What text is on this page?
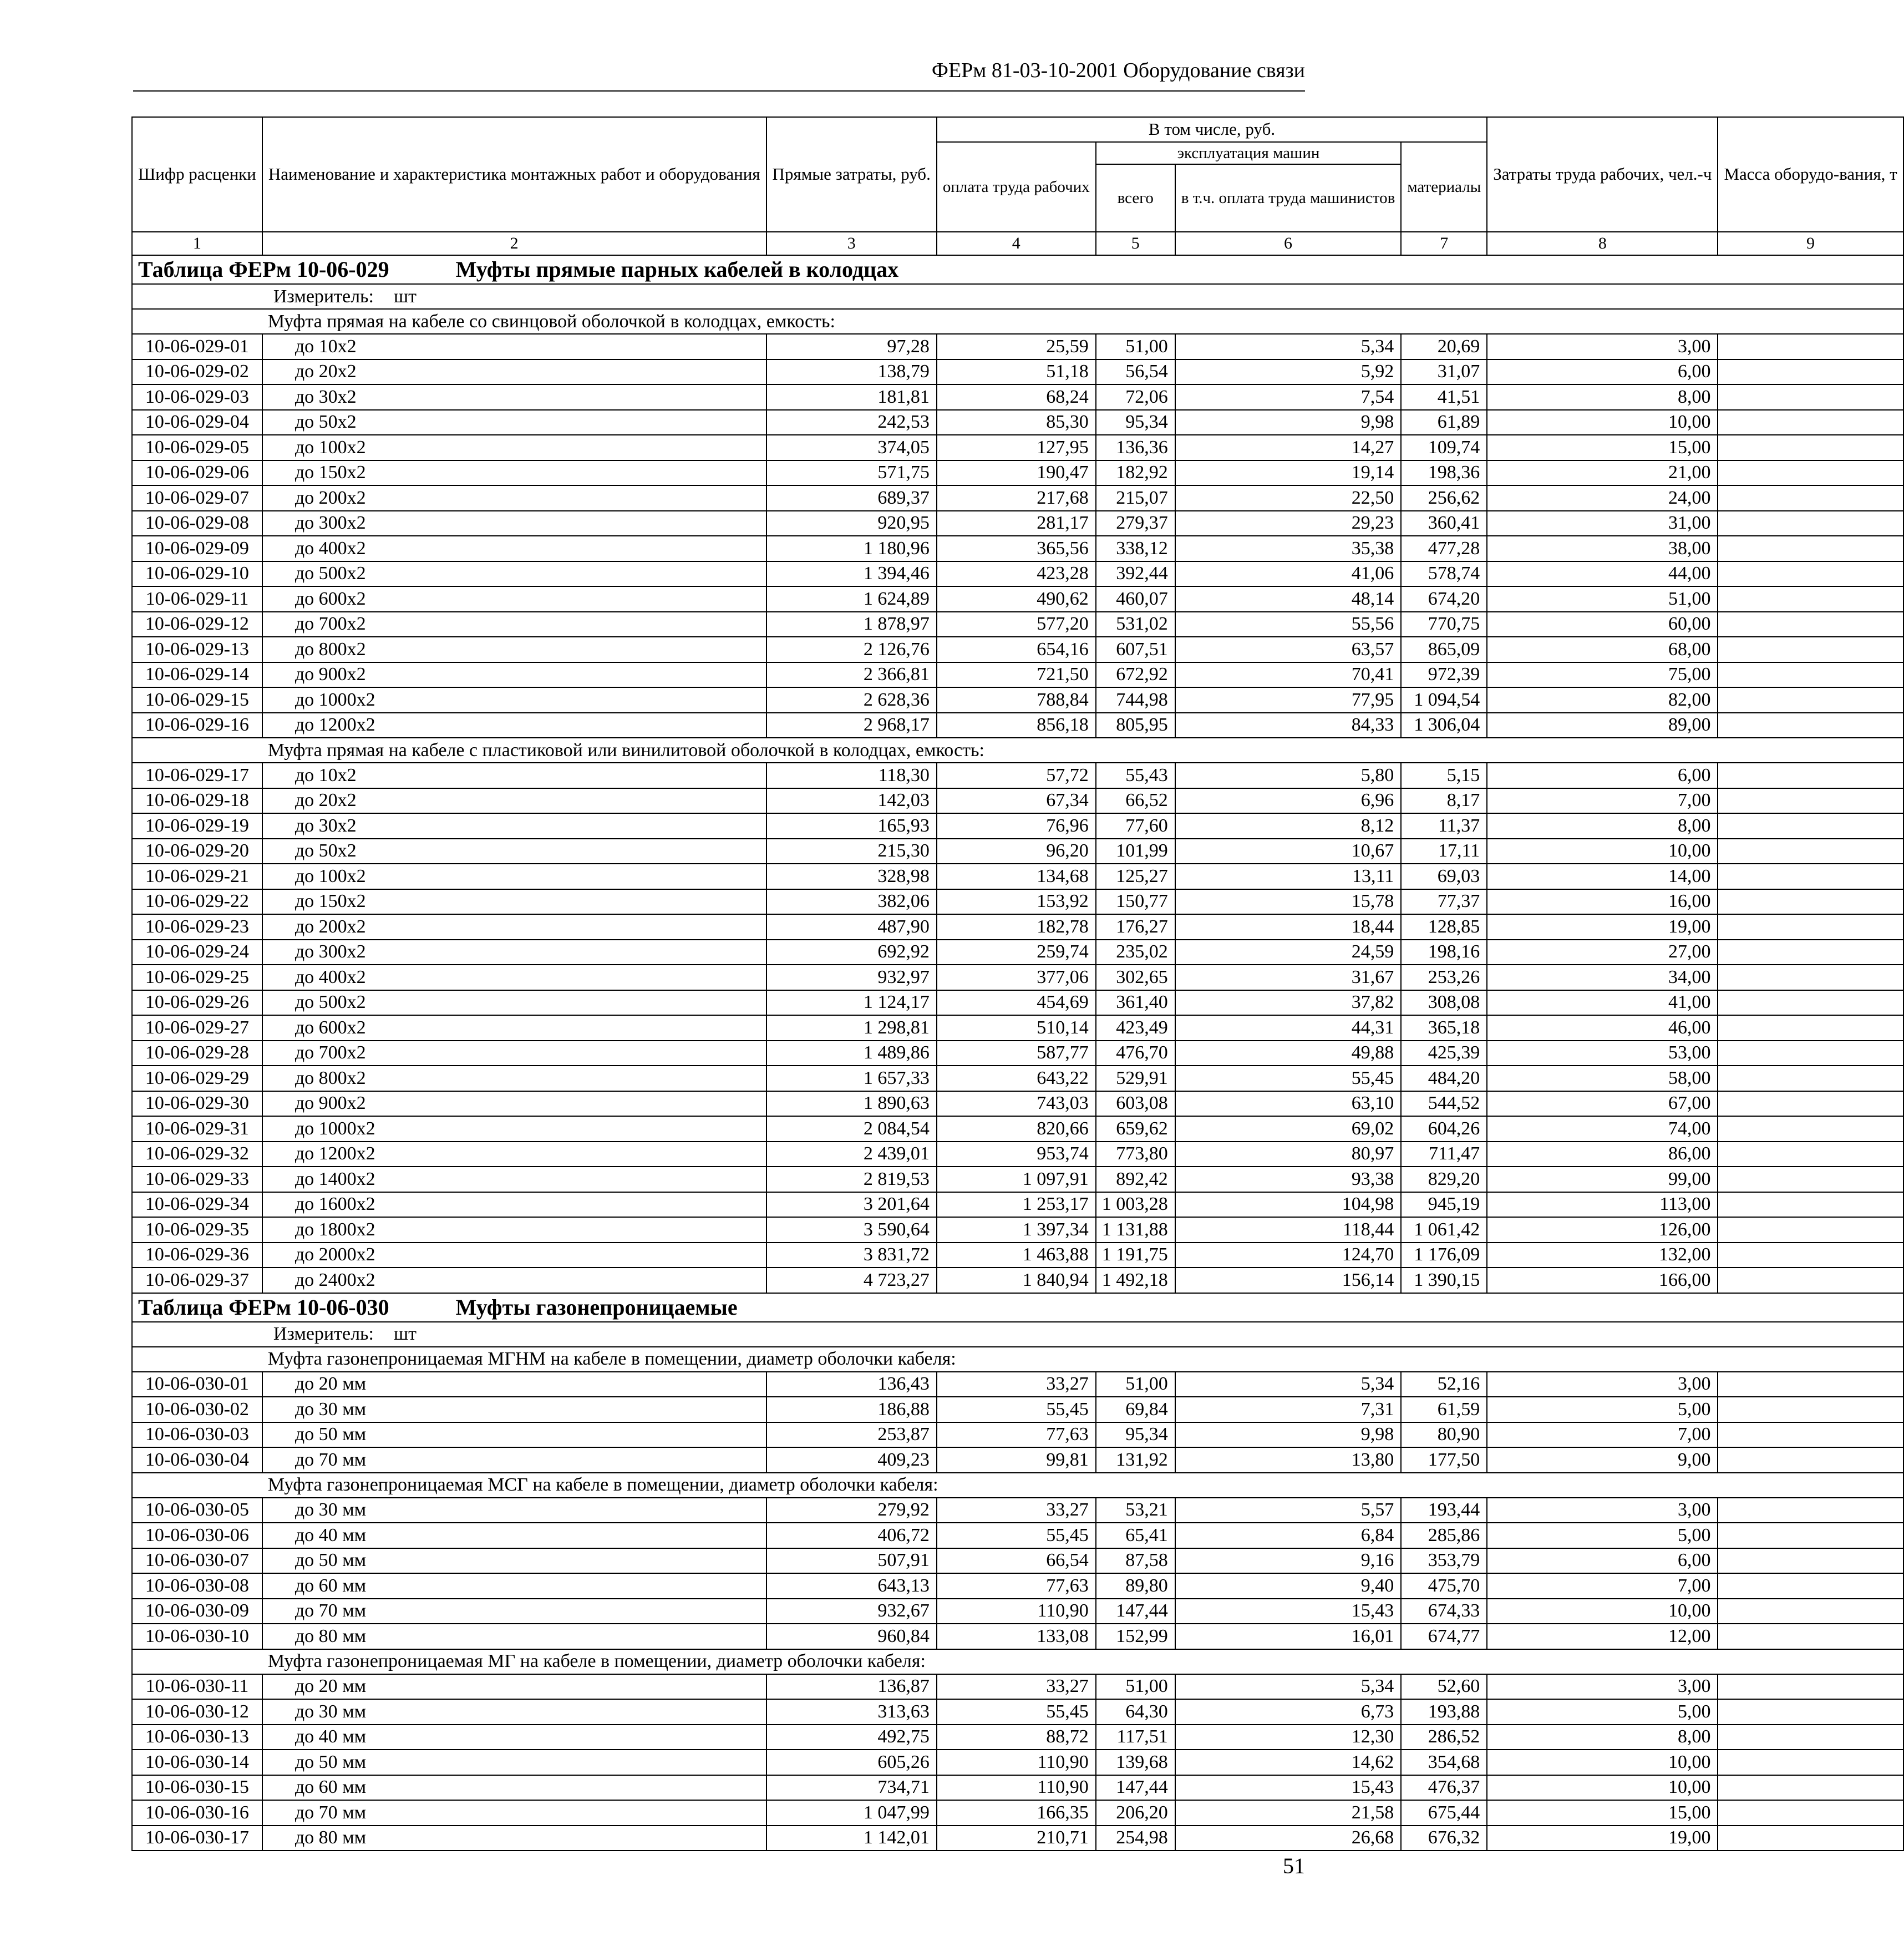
ФЕРм 81-03-10-2001 Оборудование связи
Шифр расценки	Наименование и характеристика монтажных работ и оборудования	Прямые затраты, руб.	В том числе, руб.				Затраты труда рабочих, чел.-ч	Масса оборудо-вания, т
			оплата труда рабочих	эксплуатация машин		материалы		
				всего	в т.ч. оплата труда машинистов			

1	2	3	4	5	6	7	8	9
Таблица ФЕРм 10-06-029 Муфты прямые парных кабелей в колодцах								
	Измеритель: шт							
	Муфта прямая на кабеле со свинцовой оболочкой в колодцах, емкость:							
10-06-029-01	до 10х2	97,28	25,59	51,00	5,34	20,69	3,00	
10-06-029-02	до 20х2	138,79	51,18	56,54	5,92	31,07	6,00	
10-06-029-03	до 30х2	181,81	68,24	72,06	7,54	41,51	8,00	
10-06-029-04	до 50х2	242,53	85,30	95,34	9,98	61,89	10,00	
10-06-029-05	до 100х2	374,05	127,95	136,36	14,27	109,74	15,00	
10-06-029-06	до 150х2	571,75	190,47	182,92	19,14	198,36	21,00	
10-06-029-07	до 200х2	689,37	217,68	215,07	22,50	256,62	24,00	
10-06-029-08	до 300х2	920,95	281,17	279,37	29,23	360,41	31,00	
10-06-029-09	до 400х2	1 180,96	365,56	338,12	35,38	477,28	38,00	
10-06-029-10	до 500х2	1 394,46	423,28	392,44	41,06	578,74	44,00	
10-06-029-11	до 600х2	1 624,89	490,62	460,07	48,14	674,20	51,00	
10-06-029-12	до 700х2	1 878,97	577,20	531,02	55,56	770,75	60,00	
10-06-029-13	до 800х2	2 126,76	654,16	607,51	63,57	865,09	68,00	
10-06-029-14	до 900х2	2 366,81	721,50	672,92	70,41	972,39	75,00	
10-06-029-15	до 1000х2	2 628,36	788,84	744,98	77,95	1 094,54	82,00	
10-06-029-16	до 1200х2	2 968,17	856,18	805,95	84,33	1 306,04	89,00	
	Муфта прямая на кабеле с пластиковой или винилитовой оболочкой в колодцах, емкость:							
10-06-029-17	до 10х2	118,30	57,72	55,43	5,80	5,15	6,00	
10-06-029-18	до 20х2	142,03	67,34	66,52	6,96	8,17	7,00	
10-06-029-19	до 30х2	165,93	76,96	77,60	8,12	11,37	8,00	
10-06-029-20	до 50х2	215,30	96,20	101,99	10,67	17,11	10,00	
10-06-029-21	до 100х2	328,98	134,68	125,27	13,11	69,03	14,00	
10-06-029-22	до 150х2	382,06	153,92	150,77	15,78	77,37	16,00	
10-06-029-23	до 200х2	487,90	182,78	176,27	18,44	128,85	19,00	
10-06-029-24	до 300х2	692,92	259,74	235,02	24,59	198,16	27,00	
10-06-029-25	до 400х2	932,97	377,06	302,65	31,67	253,26	34,00	
10-06-029-26	до 500х2	1 124,17	454,69	361,40	37,82	308,08	41,00	
10-06-029-27	до 600х2	1 298,81	510,14	423,49	44,31	365,18	46,00	
10-06-029-28	до 700х2	1 489,86	587,77	476,70	49,88	425,39	53,00	
10-06-029-29	до 800х2	1 657,33	643,22	529,91	55,45	484,20	58,00	
10-06-029-30	до 900х2	1 890,63	743,03	603,08	63,10	544,52	67,00	
10-06-029-31	до 1000х2	2 084,54	820,66	659,62	69,02	604,26	74,00	
10-06-029-32	до 1200х2	2 439,01	953,74	773,80	80,97	711,47	86,00	
10-06-029-33	до 1400х2	2 819,53	1 097,91	892,42	93,38	829,20	99,00	
10-06-029-34	до 1600х2	3 201,64	1 253,17	1 003,28	104,98	945,19	113,00	
10-06-029-35	до 1800х2	3 590,64	1 397,34	1 131,88	118,44	1 061,42	126,00	
10-06-029-36	до 2000х2	3 831,72	1 463,88	1 191,75	124,70	1 176,09	132,00	
10-06-029-37	до 2400х2	4 723,27	1 840,94	1 492,18	156,14	1 390,15	166,00	
Таблица ФЕРм 10-06-030 Муфты газонепроницаемые								
	Измеритель: шт							
	Муфта газонепроницаемая МГНМ на кабеле в помещении, диаметр оболочки кабеля:							
10-06-030-01	до 20 мм	136,43	33,27	51,00	5,34	52,16	3,00	
10-06-030-02	до 30 мм	186,88	55,45	69,84	7,31	61,59	5,00	
10-06-030-03	до 50 мм	253,87	77,63	95,34	9,98	80,90	7,00	
10-06-030-04	до 70 мм	409,23	99,81	131,92	13,80	177,50	9,00	
	Муфта газонепроницаемая МСГ на кабеле в помещении, диаметр оболочки кабеля:							
10-06-030-05	до 30 мм	279,92	33,27	53,21	5,57	193,44	3,00	
10-06-030-06	до 40 мм	406,72	55,45	65,41	6,84	285,86	5,00	
10-06-030-07	до 50 мм	507,91	66,54	87,58	9,16	353,79	6,00	
10-06-030-08	до 60 мм	643,13	77,63	89,80	9,40	475,70	7,00	
10-06-030-09	до 70 мм	932,67	110,90	147,44	15,43	674,33	10,00	
10-06-030-10	до 80 мм	960,84	133,08	152,99	16,01	674,77	12,00	
	Муфта газонепроницаемая МГ на кабеле в помещении, диаметр оболочки кабеля:							
10-06-030-11	до 20 мм	136,87	33,27	51,00	5,34	52,60	3,00	
10-06-030-12	до 30 мм	313,63	55,45	64,30	6,73	193,88	5,00	
10-06-030-13	до 40 мм	492,75	88,72	117,51	12,30	286,52	8,00	
10-06-030-14	до 50 мм	605,26	110,90	139,68	14,62	354,68	10,00	
10-06-030-15	до 60 мм	734,71	110,90	147,44	15,43	476,37	10,00	
10-06-030-16	до 70 мм	1 047,99	166,35	206,20	21,58	675,44	15,00	
10-06-030-17	до 80 мм	1 142,01	210,71	254,98	26,68	676,32	19,00	
51
